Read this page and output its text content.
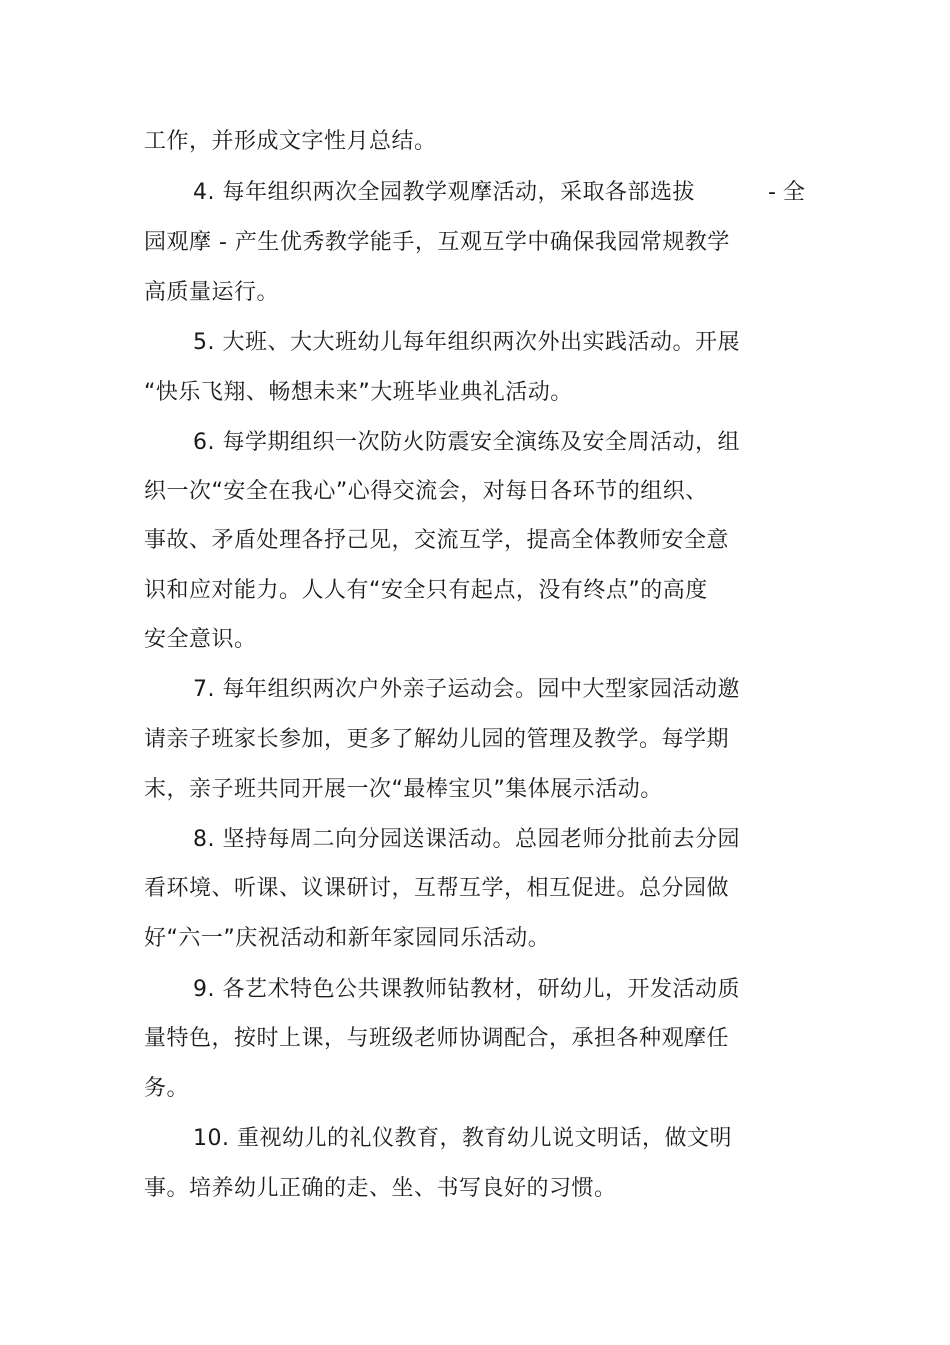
工作，并形成文字性月总结。
4. 每年组织两次全园教学观摩活动，采取各部选拔	- 全
园观摩 - 产生优秀教学能手，互观互学中确保我园常规教学
高质量运行。
5. 大班、大大班幼儿每年组织两次外出实践活动。开展
“快乐飞翔、畅想未来”大班毕业典礼活动。
6. 每学期组织一次防火防震安全演练及安全周活动，组
织一次“安全在我心”心得交流会，对每日各环节的组织、
事故、矛盾处理各抒己见，交流互学，提高全体教师安全意
识和应对能力。人人有“安全只有起点，没有终点”的高度
安全意识。
7. 每年组织两次户外亲子运动会。园中大型家园活动邀
请亲子班家长参加，更多了解幼儿园的管理及教学。每学期
末，亲子班共同开展一次“最棒宝贝”集体展示活动。
8. 坚持每周二向分园送课活动。总园老师分批前去分园
看环境、听课、议课研讨，互帮互学，相互促进。总分园做
好“六一”庆祝活动和新年家园同乐活动。
9. 各艺术特色公共课教师钻教材，研幼儿，开发活动质
量特色，按时上课，与班级老师协调配合，承担各种观摩任
务。
10. 重视幼儿的礼仪教育，教育幼儿说文明话，做文明
事。培养幼儿正确的走、坐、书写良好的习惯。
